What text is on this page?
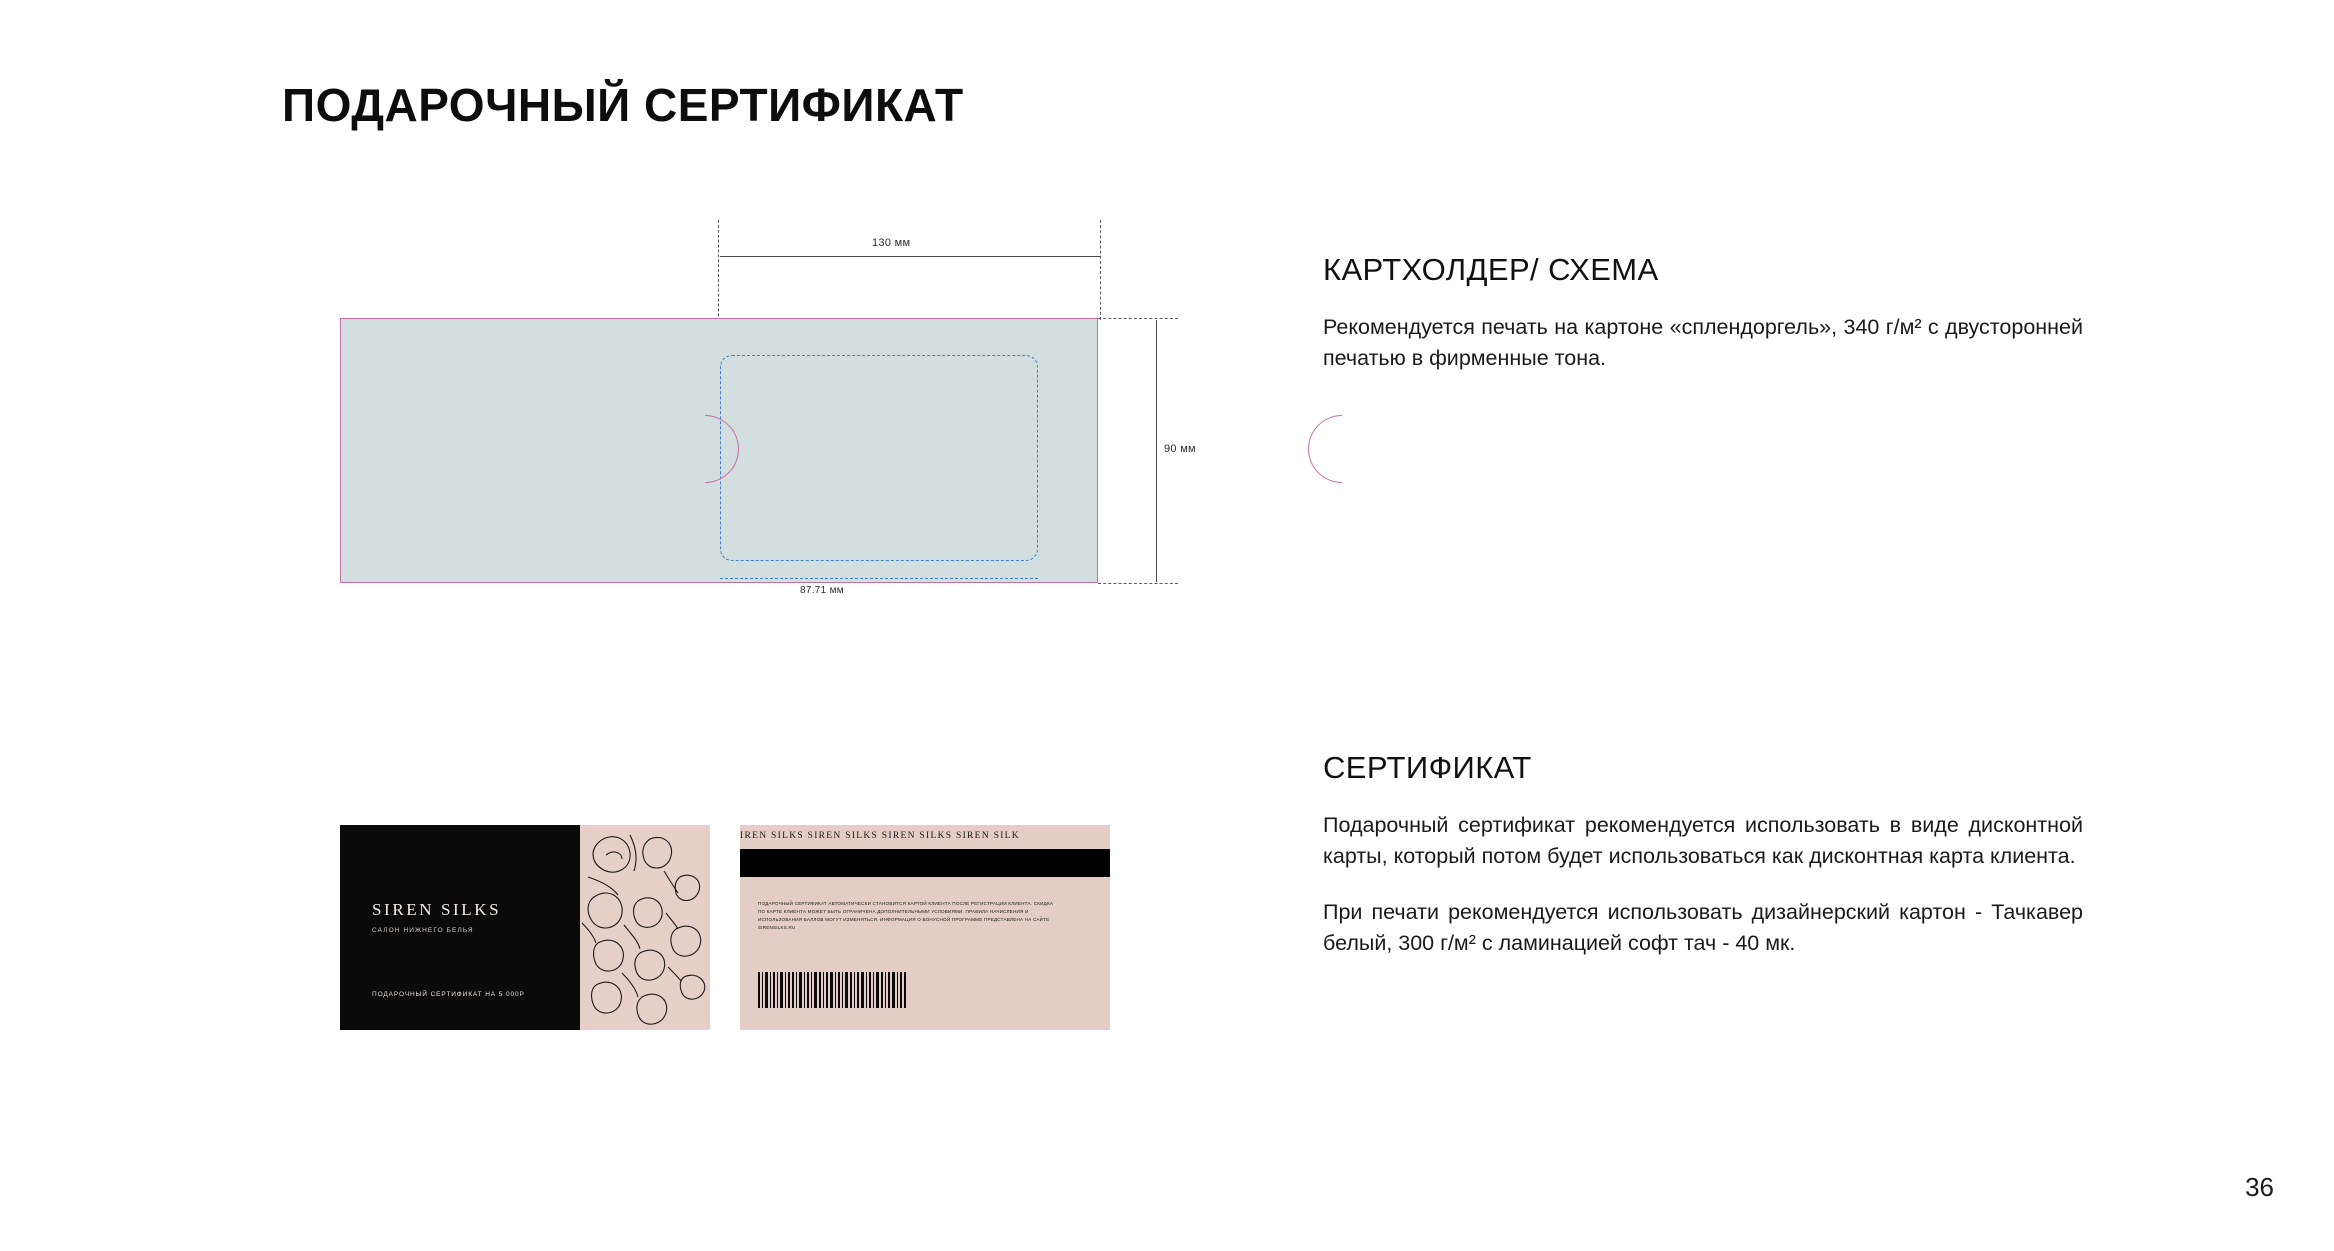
ПОДАРОЧНЫЙ СЕРТИФИКАТ
130 мм
90 мм
87.71 мм
SIREN SILKS
САЛОН НИЖНЕГО БЕЛЬЯ
ПОДАРОЧНЫЙ СЕРТИФИКАТ НА 5 000Р
IREN SILKS SIREN SILKS SIREN SILKS SIREN SILK
ПОДАРОЧНЫЙ СЕРТИФИКАТ АВТОМАТИЧЕСКИ СТАНОВИТСЯ КАРТОЙ КЛИЕНТА ПОСЛЕ РЕГИСТРАЦИИ КЛИЕНТА. СКИДКА ПО КАРТЕ КЛИЕНТА МОЖЕТ БЫТЬ ОГРАНИЧЕНА ДОПОЛНИТЕЛЬНЫМИ УСЛОВИЯМИ. ПРАВИЛА НАЧИСЛЕНИЯ И ИСПОЛЬЗОВАНИЯ БАЛЛОВ МОГУТ ИЗМЕНЯТЬСЯ. ИНФОРМАЦИЯ О БОНУСНОЙ ПРОГРАММЕ ПРЕДСТАВЛЕНА НА САЙТЕ SIRENSILKS.RU
КАРТХОЛДЕР/ СХЕМА

Рекомендуется печать на картоне «сплендоргель», 340 г/м² с двусторонней печатью в фирменные тона.

СЕРТИФИКАТ

Подарочный сертификат рекомендуется использовать в виде дисконтной карты, который потом будет использоваться как дисконтная карта клиента.

При печати рекомендуется использовать дизайнерский картон - Тачкавер белый, 300 г/м² с ламинацией софт тач - 40 мк.

36
